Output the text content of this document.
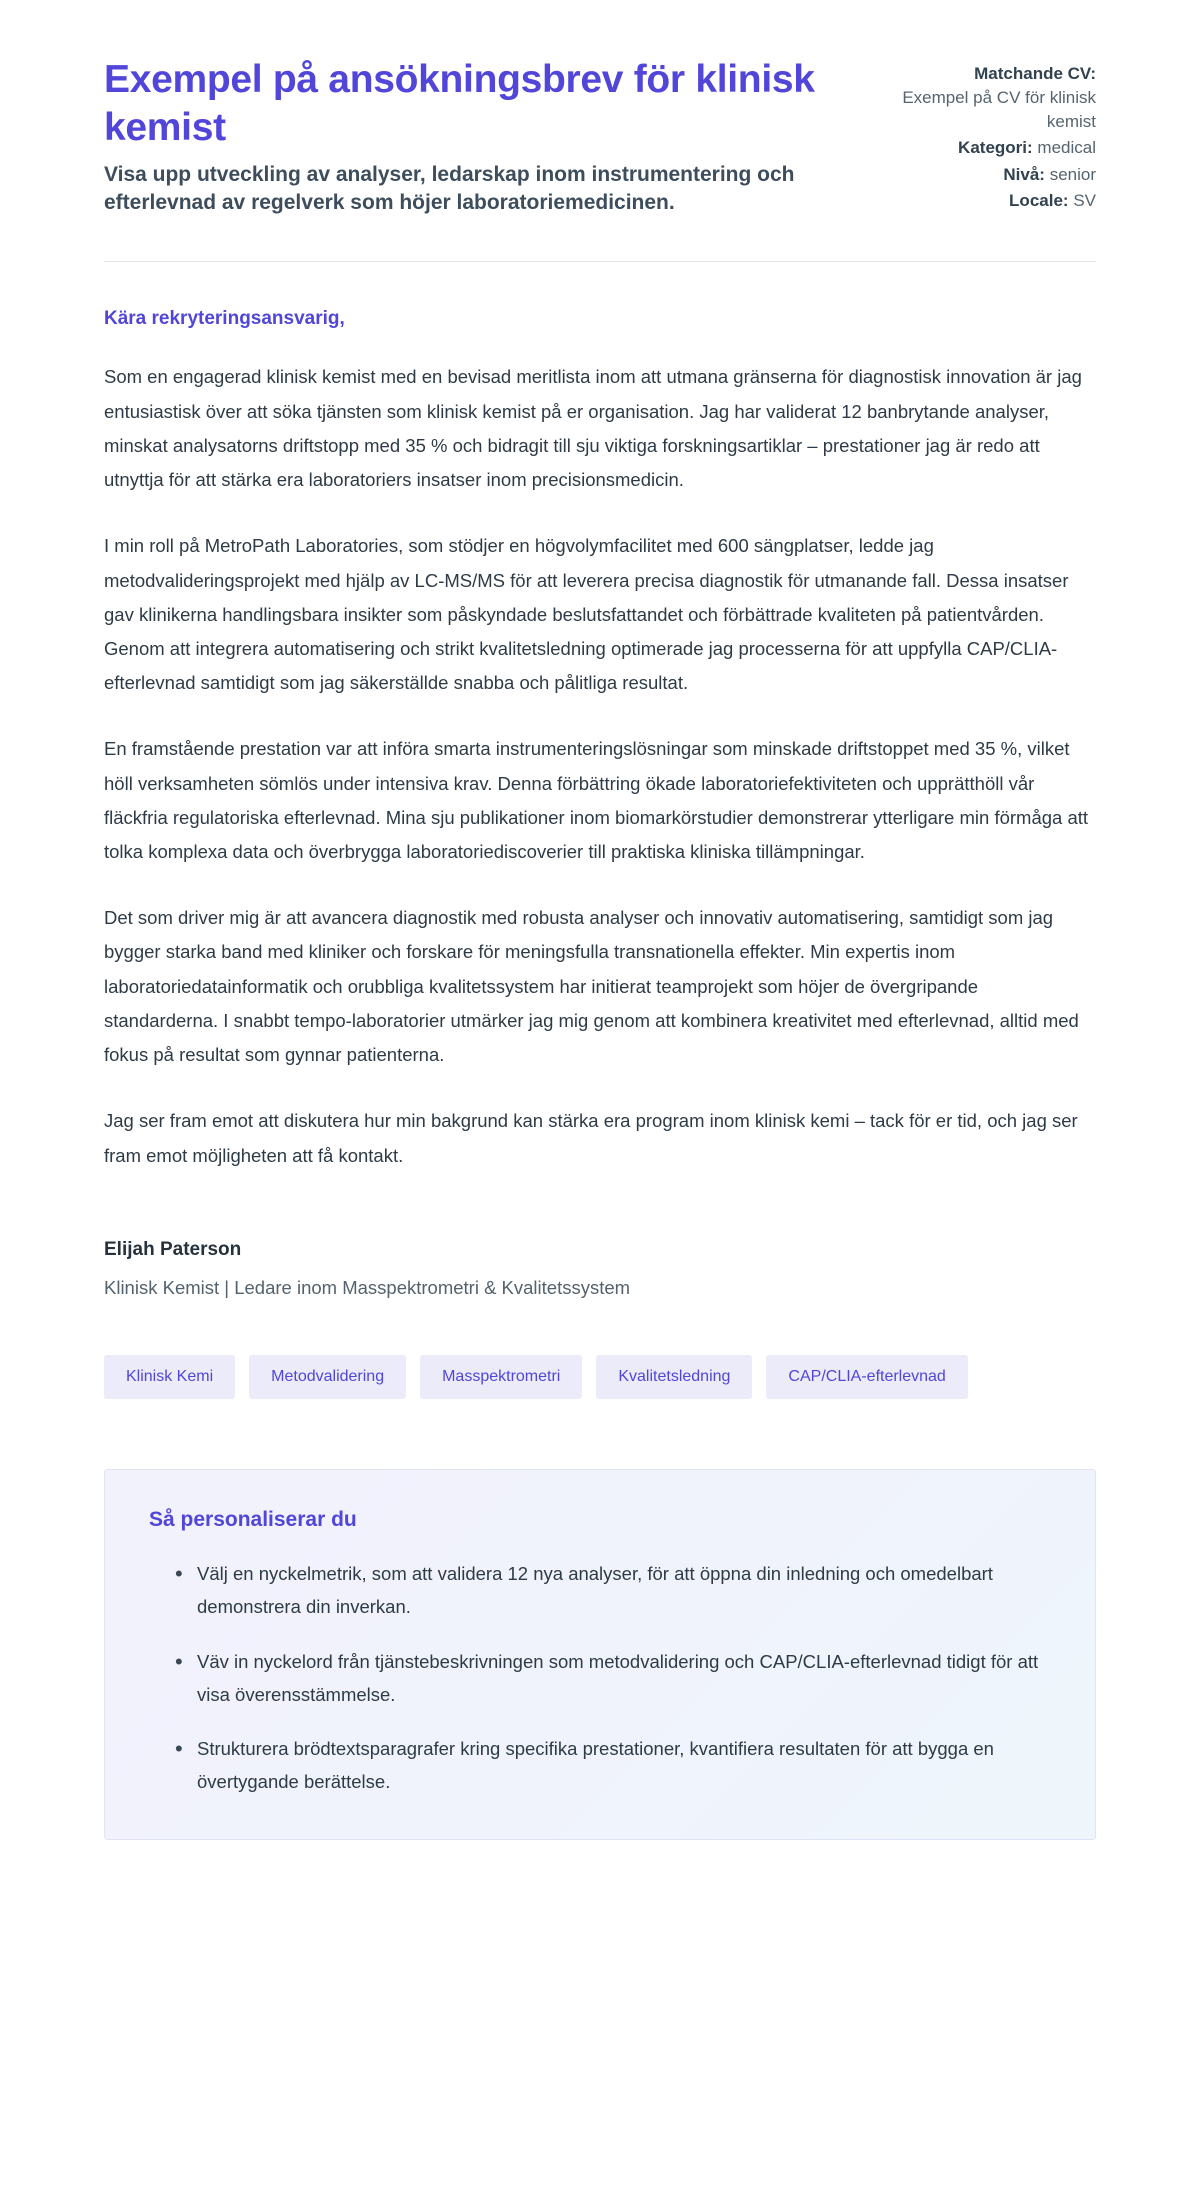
Exempel på ansökningsbrev för klinisk kemist

Visa upp utveckling av analyser, ledarskap inom instrumentering och efterlevnad av regelverk som höjer laboratoriemedicinen.

Matchande CV:
Exempel på CV för klinisk kemist
Kategori: medical
Nivå: senior
Locale: SV

Kära rekryteringsansvarig,

Som en engagerad klinisk kemist med en bevisad meritlista inom att utmana gränserna för diagnostisk innovation är jag entusiastisk över att söka tjänsten som klinisk kemist på er organisation. Jag har validerat 12 banbrytande analyser, minskat analysatorns driftstopp med 35 % och bidragit till sju viktiga forskningsartiklar – prestationer jag är redo att utnyttja för att stärka era laboratoriers insatser inom precisionsmedicin.

I min roll på MetroPath Laboratories, som stödjer en högvolymfacilitet med 600 sängplatser, ledde jag metodvalideringsprojekt med hjälp av LC-MS/MS för att leverera precisa diagnostik för utmanande fall. Dessa insatser gav klinikerna handlingsbara insikter som påskyndade beslutsfattandet och förbättrade kvaliteten på patientvården. Genom att integrera automatisering och strikt kvalitetsledning optimerade jag processerna för att uppfylla CAP/CLIA-efterlevnad samtidigt som jag säkerställde snabba och pålitliga resultat.

En framstående prestation var att införa smarta instrumenteringslösningar som minskade driftstoppet med 35 %, vilket höll verksamheten sömlös under intensiva krav. Denna förbättring ökade laboratoriefektiviteten och upprätthöll vår fläckfria regulatoriska efterlevnad. Mina sju publikationer inom biomarkörstudier demonstrerar ytterligare min förmåga att tolka komplexa data och överbrygga laboratoriediscoverier till praktiska kliniska tillämpningar.

Det som driver mig är att avancera diagnostik med robusta analyser och innovativ automatisering, samtidigt som jag bygger starka band med kliniker och forskare för meningsfulla transnationella effekter. Min expertis inom laboratoriedatainformatik och orubbliga kvalitetssystem har initierat teamprojekt som höjer de övergripande standarderna. I snabbt tempo-laboratorier utmärker jag mig genom att kombinera kreativitet med efterlevnad, alltid med fokus på resultat som gynnar patienterna.

Jag ser fram emot att diskutera hur min bakgrund kan stärka era program inom klinisk kemi – tack för er tid, och jag ser fram emot möjligheten att få kontakt.

Elijah Paterson

Klinisk Kemist | Ledare inom Masspektrometri & Kvalitetssystem

Klinisk Kemi	Metodvalidering	Masspektrometri	Kvalitetsledning	CAP/CLIA-efterlevnad
Så personaliserar du
• Välj en nyckelmetrik, som att validera 12 nya analyser, för att öppna din inledning och omedelbart demonstrera din inverkan.
• Väv in nyckelord från tjänstebeskrivningen som metodvalidering och CAP/CLIA-efterlevnad tidigt för att visa överensstämmelse.
• Strukturera brödtextsparagrafer kring specifika prestationer, kvantifiera resultaten för att bygga en övertygande berättelse.
